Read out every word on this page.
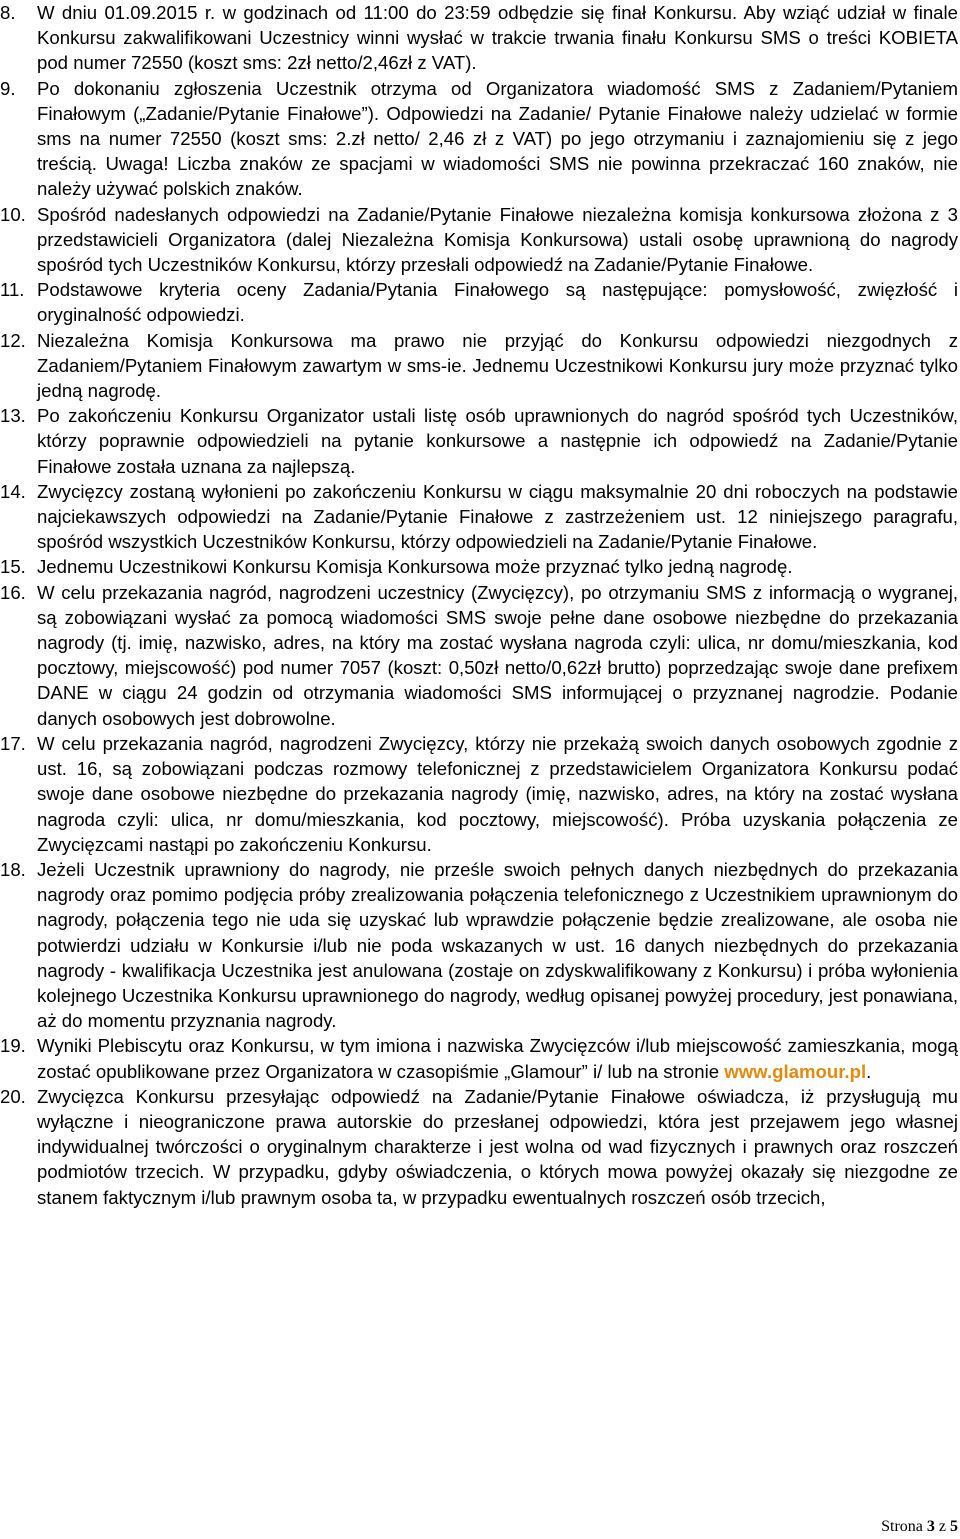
8. W dniu 01.09.2015 r. w godzinach od 11:00 do 23:59 odbędzie się finał Konkursu. Aby wziąć udział w finale Konkursu zakwalifikowani Uczestnicy winni wysłać w trakcie trwania finału Konkursu SMS o treści KOBIETA pod numer 72550 (koszt sms: 2zł netto/2,46zł z VAT).
9. Po dokonaniu zgłoszenia Uczestnik otrzyma od Organizatora wiadomość SMS z Zadaniem/Pytaniem Finałowym („Zadanie/Pytanie Finałowe”). Odpowiedzi na Zadanie/ Pytanie Finałowe należy udzielać w formie sms na numer 72550 (koszt sms: 2.zł netto/ 2,46 zł z VAT) po jego otrzymaniu i zaznajomieniu się z jego treścią. Uwaga! Liczba znaków ze spacjami w wiadomości SMS nie powinna przekraczać 160 znaków, nie należy używać polskich znaków.
10. Spośród nadesłanych odpowiedzi na Zadanie/Pytanie Finałowe niezależna komisja konkursowa złożona z 3 przedstawicieli Organizatora (dalej Niezależna Komisja Konkursowa) ustali osobę uprawnioną do nagrody spośród tych Uczestników Konkursu, którzy przesłali odpowiedź na Zadanie/Pytanie Finałowe.
11. Podstawowe kryteria oceny Zadania/Pytania Finałowego są następujące: pomysłowość, zwięzłość i oryginalność odpowiedzi.
12. Niezależna Komisja Konkursowa ma prawo nie przyjąć do Konkursu odpowiedzi niezgodnych z Zadaniem/Pytaniem Finałowym zawartym w sms-ie. Jednemu Uczestnikowi Konkursu jury może przyznać tylko jedną nagrodę.
13. Po zakończeniu Konkursu Organizator ustali listę osób uprawnionych do nagród spośród tych Uczestników, którzy poprawnie odpowiedzieli na pytanie konkursowe a następnie ich odpowiedź na Zadanie/Pytanie Finałowe została uznana za najlepszą.
14. Zwycięzcy zostaną wyłonieni po zakończeniu Konkursu w ciągu maksymalnie 20 dni roboczych na podstawie najciekawszych odpowiedzi na Zadanie/Pytanie Finałowe z zastrzeżeniem ust. 12 niniejszego paragrafu, spośród wszystkich Uczestników Konkursu, którzy odpowiedzieli na Zadanie/Pytanie Finałowe.
15. Jednemu Uczestnikowi Konkursu Komisja Konkursowa może przyznać tylko jedną nagrodę.
16. W celu przekazania nagród, nagrodzeni uczestnicy (Zwycięzcy), po otrzymaniu SMS z informacją o wygranej, są zobowiązani wysłać za pomocą wiadomości SMS swoje pełne dane osobowe niezbędne do przekazania nagrody (tj. imię, nazwisko, adres, na który ma zostać wysłana nagroda czyli: ulica, nr domu/mieszkania, kod pocztowy, miejscowość) pod numer 7057 (koszt: 0,50zł netto/0,62zł brutto) poprzedzając swoje dane prefixem DANE w ciągu 24 godzin od otrzymania wiadomości SMS informującej o przyznanej nagrodzie. Podanie danych osobowych jest dobrowolne.
17. W celu przekazania nagród, nagrodzeni Zwycięzcy, którzy nie przekażą swoich danych osobowych zgodnie z ust. 16, są zobowiązani podczas rozmowy telefonicznej z przedstawicielem Organizatora Konkursu podać swoje dane osobowe niezbędne do przekazania nagrody (imię, nazwisko, adres, na który na zostać wysłana nagroda czyli: ulica, nr domu/mieszkania, kod pocztowy, miejscowość). Próba uzyskania połączenia ze Zwycięzcami nastąpi po zakończeniu Konkursu.
18. Jeżeli Uczestnik uprawniony do nagrody, nie prześle swoich pełnych danych niezbędnych do przekazania nagrody oraz pomimo podjęcia próby zrealizowania połączenia telefonicznego z Uczestnikiem uprawnionym do nagrody, połączenia tego nie uda się uzyskać lub wprawdzie połączenie będzie zrealizowane, ale osoba nie potwierdzi udziału w Konkursie i/lub nie poda wskazanych w ust. 16 danych niezbędnych do przekazania nagrody - kwalifikacja Uczestnika jest anulowana (zostaje on zdyskwalifikowany z Konkursu) i próba wyłonienia kolejnego Uczestnika Konkursu uprawnionego do nagrody, według opisanej powyżej procedury, jest ponawiana, aż do momentu przyznania nagrody.
19. Wyniki Plebiscytu oraz Konkursu, w tym imiona i nazwiska Zwycięzców i/lub miejscowość zamieszkania, mogą zostać opublikowane przez Organizatora w czasopiśmie „Glamour” i/ lub na stronie www.glamour.pl.
20. Zwycięzca Konkursu przesyłając odpowiedź na Zadanie/Pytanie Finałowe oświadcza, iż przysługują mu wyłączne i nieograniczone prawa autorskie do przesłanej odpowiedzi, która jest przejawem jego własnej indywidualnej twórczości o oryginalnym charakterze i jest wolna od wad fizycznych i prawnych oraz roszczeń podmiotów trzecich. W przypadku, gdyby oświadczenia, o których mowa powyżej okazały się niezgodne ze stanem faktycznym i/lub prawnym osoba ta, w przypadku ewentualnych roszczeń osób trzecich,
Strona 3 z 5
